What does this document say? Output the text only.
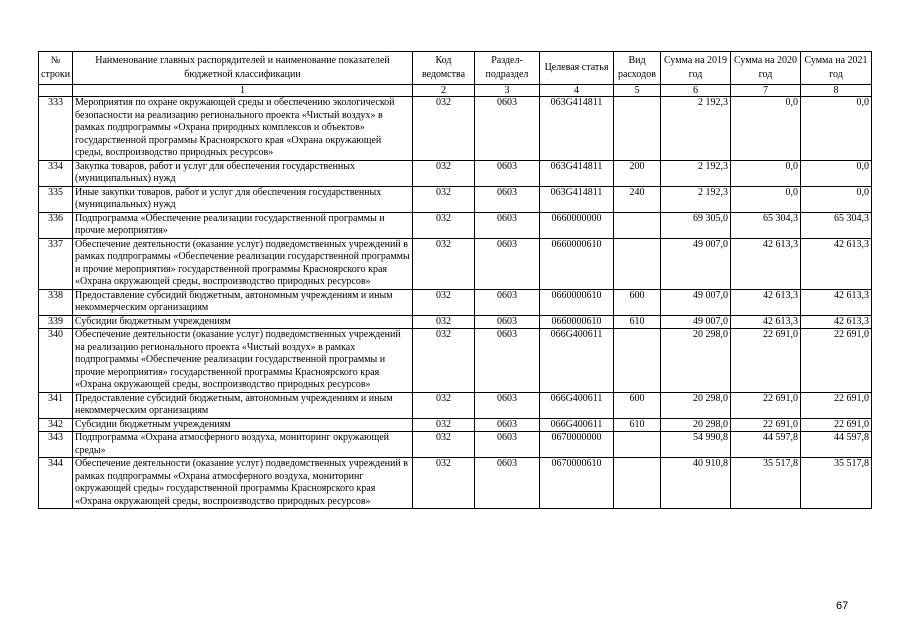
№ строки	Наименование главных распорядителей и наименование показателей бюджетной классификации	Код ведомства	Раздел-подраздел	Целевая статья	Вид расходов	Сумма на 2019 год	Сумма на 2020 год	Сумма на 2021 год
	1	2	3	4	5	6	7	8
333	Мероприятия по охране окружающей среды и обеспечению экологической безопасности на реализацию регионального проекта «Чистый воздух» в рамках подпрограммы «Охрана природных комплексов и объектов» государственной программы Красноярского края «Охрана окружающей среды, воспроизводство природных ресурсов»	032	0603	063G414811		2 192,3	0,0	0,0
334	Закупка товаров, работ и услуг для обеспечения государственных (муниципальных) нужд	032	0603	063G414811	200	2 192,3	0,0	0,0
335	Иные закупки товаров, работ и услуг для обеспечения государственных (муниципальных) нужд	032	0603	063G414811	240	2 192,3	0,0	0,0
336	Подпрограмма «Обеспечение реализации государственной программы и прочие мероприятия»	032	0603	0660000000		69 305,0	65 304,3	65 304,3
337	Обеспечение деятельности (оказание услуг) подведомственных учреждений в рамках подпрограммы «Обеспечение реализации государственной программы и прочие мероприятия» государственной программы Красноярского края «Охрана окружающей среды, воспроизводство природных ресурсов»	032	0603	0660000610		49 007,0	42 613,3	42 613,3
338	Предоставление субсидий бюджетным, автономным учреждениям и иным некоммерческим организациям	032	0603	0660000610	600	49 007,0	42 613,3	42 613,3
339	Субсидии бюджетным учреждениям	032	0603	0660000610	610	49 007,0	42 613,3	42 613,3
340	Обеспечение деятельности (оказание услуг) подведомственных учреждений на реализацию регионального проекта «Чистый воздух» в рамках подпрограммы «Обеспечение реализации государственной программы и прочие мероприятия» государственной программы Красноярского края «Охрана окружающей среды, воспроизводство природных ресурсов»	032	0603	066G400611		20 298,0	22 691,0	22 691,0
341	Предоставление субсидий бюджетным, автономным учреждениям и иным некоммерческим организациям	032	0603	066G400611	600	20 298,0	22 691,0	22 691,0
342	Субсидии бюджетным учреждениям	032	0603	066G400611	610	20 298,0	22 691,0	22 691,0
343	Подпрограмма «Охрана атмосферного воздуха, мониторинг окружающей среды»	032	0603	0670000000		54 990,8	44 597,8	44 597,8
344	Обеспечение деятельности (оказание услуг) подведомственных учреждений в рамках подпрограммы «Охрана атмосферного воздуха, мониторинг окружающей среды» государственной программы Красноярского края «Охрана окружающей среды, воспроизводство природных ресурсов»	032	0603	0670000610		40 910,8	35 517,8	35 517,8
67
